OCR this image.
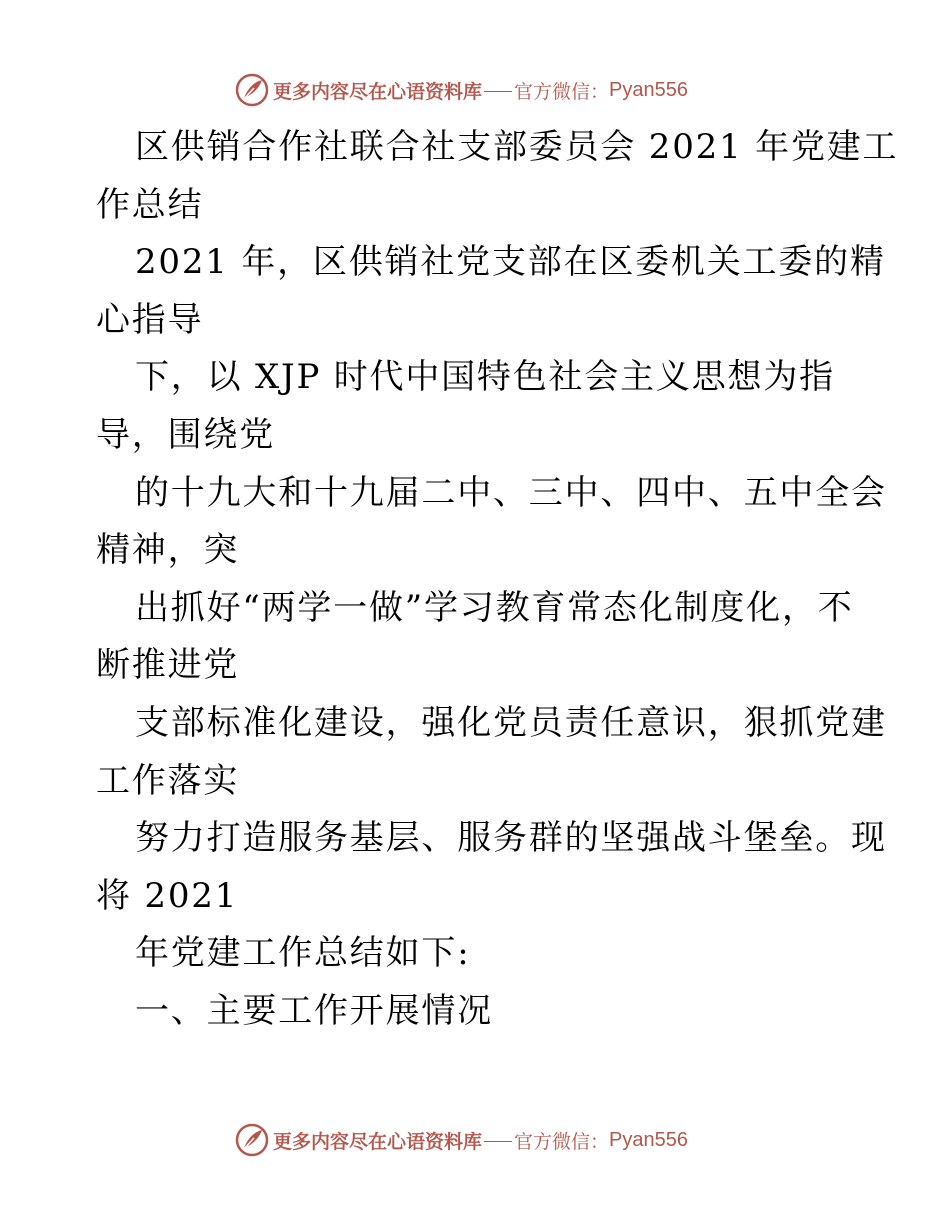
更多内容尽在心语资料库 官方微信： Pyan556

区供销合作社联合社支部委员会 2021 年党建工

作总结

2021 年，区供销社党支部在区委机关工委的精

心指导

下，以 XJP 时代中国特色社会主义思想为指

导，围绕党

的十九大和十九届二中、三中、四中、五中全会

精神，突

出抓好“两学一做”学习教育常态化制度化，不

断推进党

支部标准化建设，强化党员责任意识，狠抓党建

工作落实

努力打造服务基层、服务群的坚强战斗堡垒。现

将 2021

年党建工作总结如下:

一、主要工作开展情况

更多内容尽在心语资料库 官方微信： Pyan556
